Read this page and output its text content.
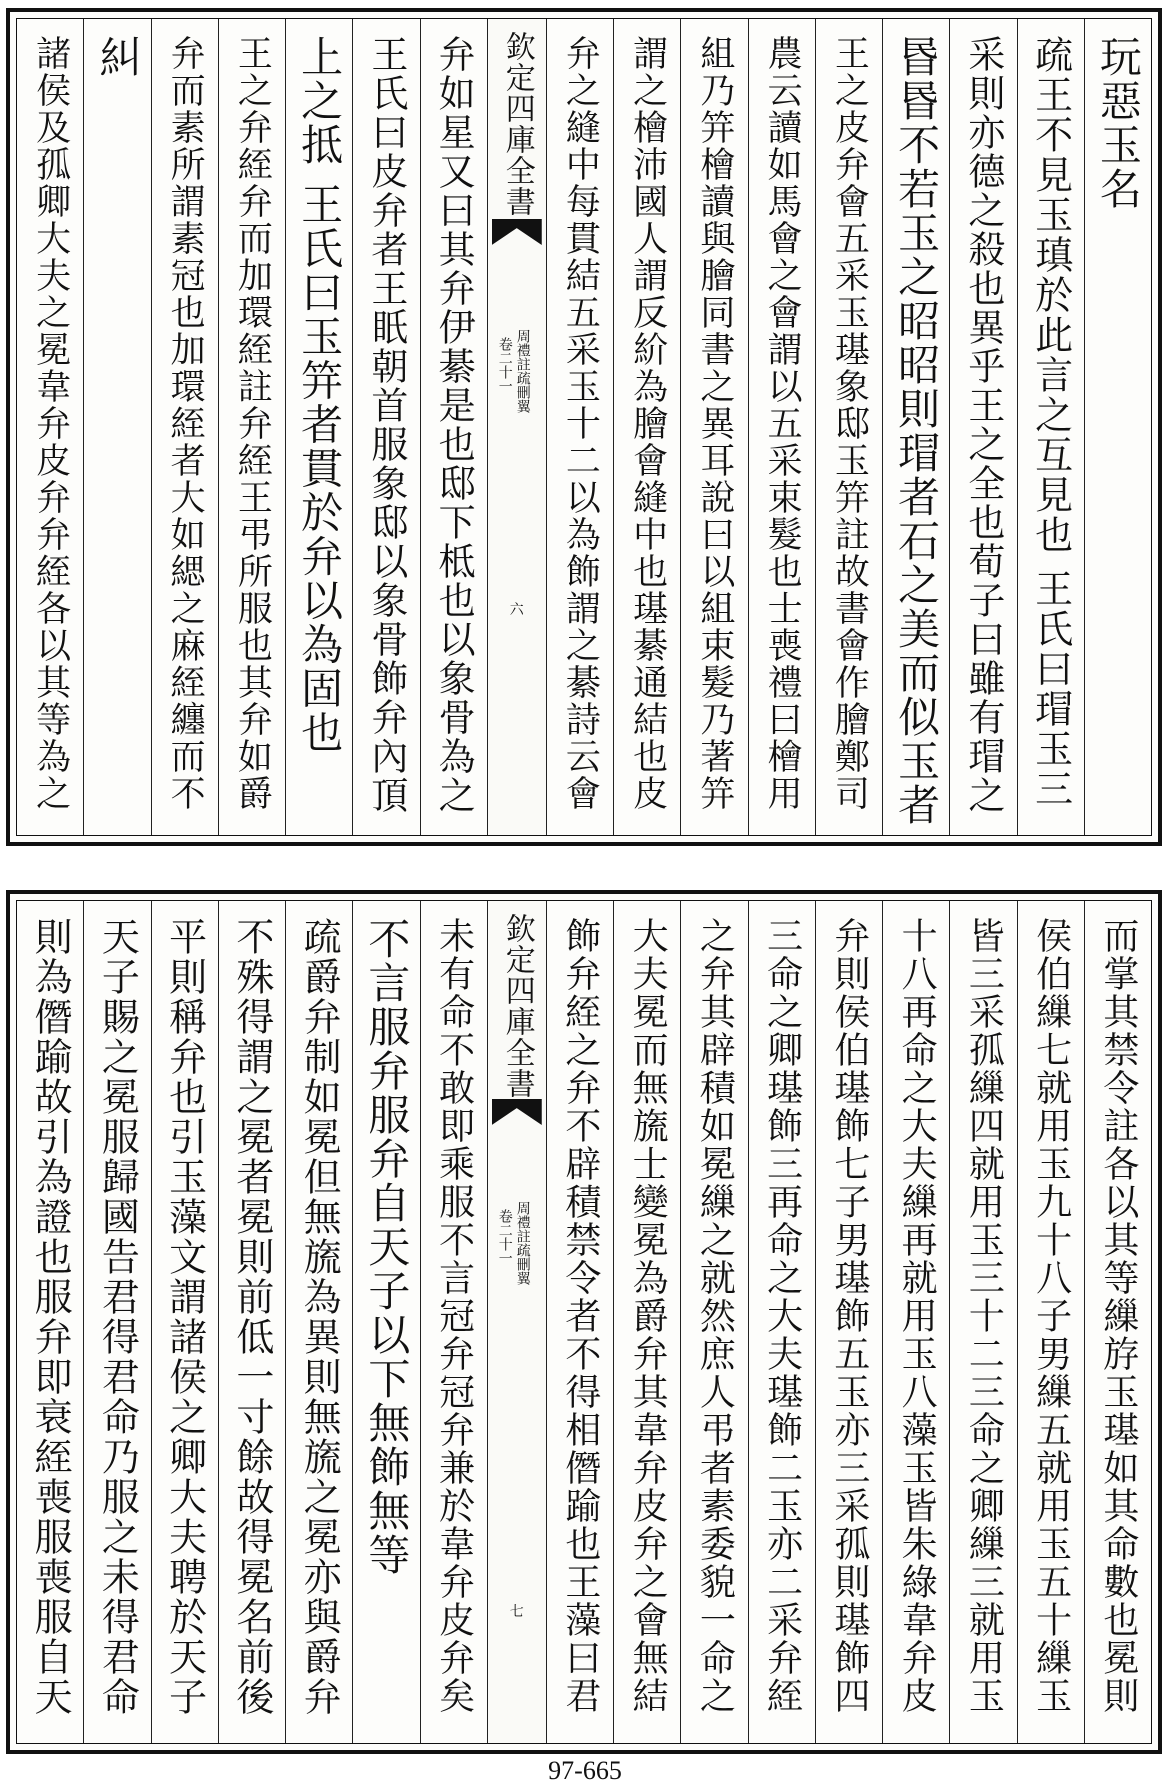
玩惡玉名
疏王不見玉瑱於此言之互見也 王氏曰瑁玉三
采則亦德之殺也異乎王之全也荀子曰雖有瑁之
昬昬不若玉之昭昭則瑁者石之美而似玉者
王之皮弁會五采玉璂象邸玉笄註故書會作膾鄭司
農云讀如馬會之會謂以五采束髮也士喪禮曰檜用
組乃笄檜讀與膾同書之異耳說曰以組束髮乃著笄
謂之檜沛國人謂反紒為膾會縫中也璂綦通結也皮
弁之縫中每貫結五采玉十二以為飾謂之綦詩云會
欽定四庫全書
周禮註疏刪翼
卷二十一
六
弁如星又曰其弁伊綦是也邸下柢也以象骨為之
王氏曰皮弁者王眂朝首服象邸以象骨飾弁內頂
上之抵 王氏曰玉笄者貫於弁以為固也
王之弁絰弁而加環絰註弁絰王弔所服也其弁如爵
弁而素所謂素冠也加環絰者大如緦之麻絰纏而不
糾
諸侯及孤卿大夫之冕韋弁皮弁弁絰各以其等為之
而掌其禁令註各以其等繅斿玉璂如其命數也冕則
侯伯繅七就用玉九十八子男繅五就用玉五十繅玉
皆三采孤繅四就用玉三十二三命之卿繅三就用玉
十八再命之大夫繅再就用玉八藻玉皆朱綠韋弁皮
弁則侯伯璂飾七子男璂飾五玉亦三采孤則璂飾四
三命之卿璂飾三再命之大夫璂飾二玉亦二采弁絰
之弁其辟積如冕繅之就然庶人弔者素委貌一命之
大夫冕而無旒士變冕為爵弁其韋弁皮弁之會無結
飾弁絰之弁不辟積禁令者不得相僭踰也王藻曰君
欽定四庫全書
周禮註疏刪翼
卷二十一
七
未有命不敢即乘服不言冠弁冠弁兼於韋弁皮弁矣
不言服弁服弁自天子以下無飾無等
疏爵弁制如冕但無旒為異則無旒之冕亦與爵弁
不殊得謂之冕者冕則前低一寸餘故得冕名前後
平則稱弁也引玉藻文謂諸侯之卿大夫聘於天子
天子賜之冕服歸國告君得君命乃服之未得君命
則為僭踰故引為證也服弁即衰絰喪服喪服自天
97-665
